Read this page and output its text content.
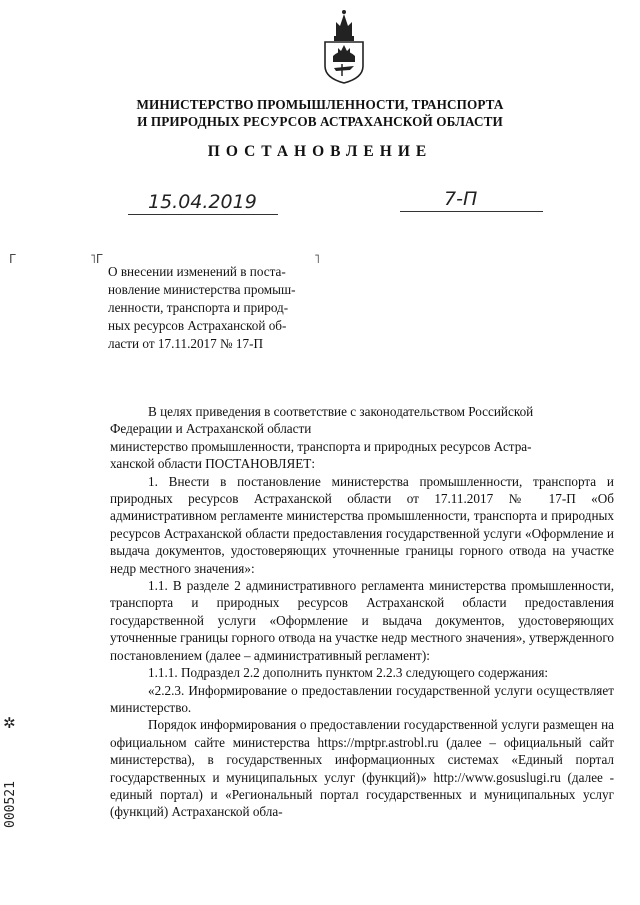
МИНИСТЕРСТВО ПРОМЫШЛЕННОСТИ, ТРАНСПОРТА
И ПРИРОДНЫХ РЕСУРСОВ АСТРАХАНСКОЙ ОБЛАСТИ
ПОСТАНОВЛЕНИЕ
15.04.2019	7-П
Г	˥Г	˥
О внесении изменений в поста-
новление министерства промыш-
ленности, транспорта и природ-
ных ресурсов Астраханской об-
ласти от 17.11.2017 № 17-П

В целях приведения в соответствие с законодательством Российской

Федерации и Астраханской области

министерство промышленности, транспорта и природных ресурсов Астра-

ханской области ПОСТАНОВЛЯЕТ:

1. Внести в постановление министерства промышленности, транспорта и природных ресурсов Астраханской области от 17.11.2017 № 17-П «Об административном регламенте министерства промышленности, транспорта и природных ресурсов Астраханской области предоставления государственной услуги «Оформление и выдача документов, удостоверяющих уточненные границы горного отвода на участке недр местного значения»:

1.1. В разделе 2 административного регламента министерства промышленности, транспорта и природных ресурсов Астраханской области предоставления государственной услуги «Оформление и выдача документов, удостоверяющих уточненные границы горного отвода на участке недр местного значения», утвержденного постановлением (далее – административный регламент):

1.1.1. Подраздел 2.2 дополнить пунктом 2.2.3 следующего содержания:

«2.2.3. Информирование о предоставлении государственной услуги осуществляет министерство.

Порядок информирования о предоставлении государственной услуги размещен на официальном сайте министерства https://mptpr.astrobl.ru (далее – официальный сайт министерства), в государственных информационных системах «Единый портал государственных и муниципальных услуг (функций)» http://www.gosuslugi.ru (далее - единый портал) и «Региональный портал государственных и муниципальных услуг (функций) Астраханской обла-

✲
000521
